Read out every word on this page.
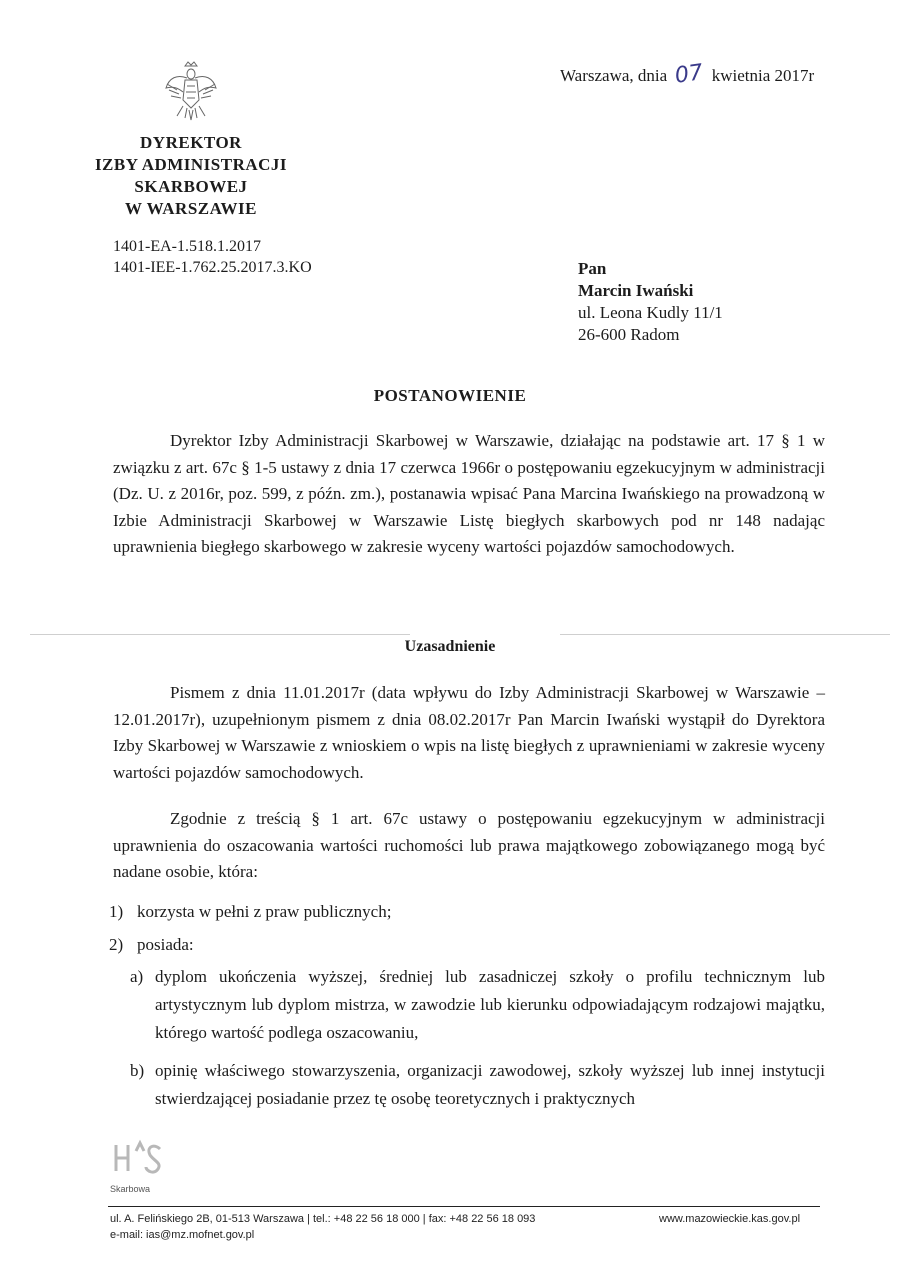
DYREKTOR
IZBY ADMINISTRACJI
SKARBOWEJ
W WARSZAWIE
1401-EA-1.518.1.2017
1401-IEE-1.762.25.2017.3.KO
Warszawa, dnia 07 kwietnia 2017r
Pan
Marcin Iwański
ul. Leona Kudly 11/1
26-600 Radom
POSTANOWIENIE
Dyrektor Izby Administracji Skarbowej w Warszawie, działając na podstawie art. 17 § 1 w związku z art. 67c § 1-5 ustawy z dnia 17 czerwca 1966r o postępowaniu egzekucyjnym w administracji (Dz. U. z 2016r, poz. 599, z późn. zm.), postanawia wpisać Pana Marcina Iwańskiego na prowadzoną w Izbie Administracji Skarbowej w Warszawie Listę biegłych skarbowych pod nr 148 nadając uprawnienia biegłego skarbowego w zakresie wyceny wartości pojazdów samochodowych.
Uzasadnienie
Pismem z dnia 11.01.2017r (data wpływu do Izby Administracji Skarbowej w Warszawie – 12.01.2017r), uzupełnionym pismem z dnia 08.02.2017r Pan Marcin Iwański wystąpił do Dyrektora Izby Skarbowej w Warszawie z wnioskiem o wpis na listę biegłych z uprawnieniami w zakresie wyceny wartości pojazdów samochodowych.
Zgodnie z treścią § 1 art. 67c ustawy o postępowaniu egzekucyjnym w administracji uprawnienia do oszacowania wartości ruchomości lub prawa majątkowego zobowiązanego mogą być nadane osobie, która:
1) korzysta w pełni z praw publicznych;
2) posiada:
a) dyplom ukończenia wyższej, średniej lub zasadniczej szkoły o profilu technicznym lub artystycznym lub dyplom mistrza, w zawodzie lub kierunku odpowiadającym rodzajowi majątku, którego wartość podlega oszacowaniu,
b) opinię właściwego stowarzyszenia, organizacji zawodowej, szkoły wyższej lub innej instytucji stwierdzającej posiadanie przez tę osobę teoretycznych i praktycznych
Skarbowa
ul. A. Felińskiego 2B, 01-513 Warszawa | tel.: +48 22 56 18 000 | fax: +48 22 56 18 093
e-mail: ias@mz.mofnet.gov.pl
www.mazowieckie.kas.gov.pl
